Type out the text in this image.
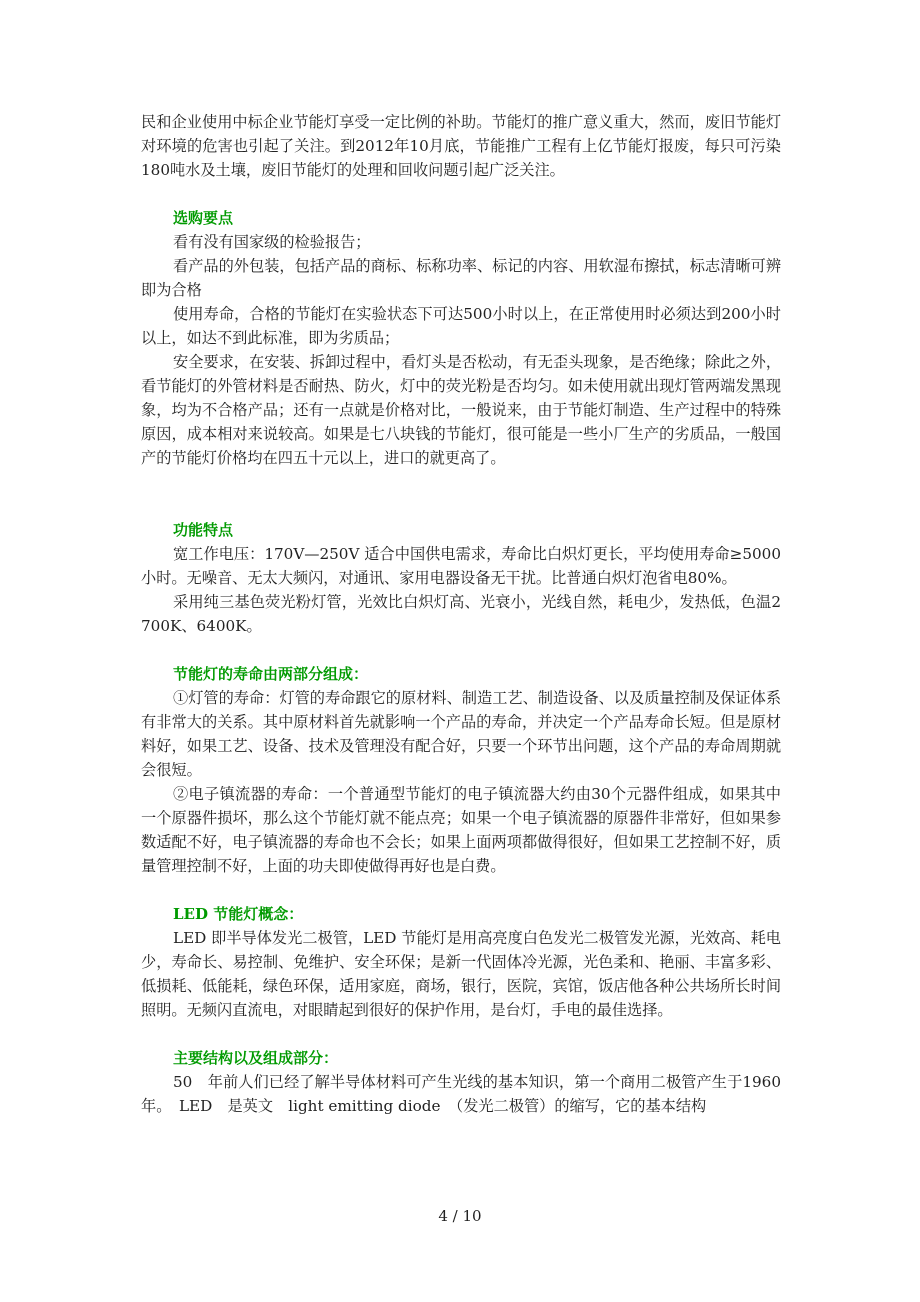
民和企业使用中标企业节能灯享受一定比例的补助。节能灯的推广意义重大，然而，废旧节能灯对环境的危害也引起了关注。到2012年10月底，节能推广工程有上亿节能灯报废，每只可污染180吨水及土壤，废旧节能灯的处理和回收问题引起广泛关注。

选购要点

看有没有国家级的检验报告；

看产品的外包装，包括产品的商标、标称功率、标记的内容、用软湿布擦拭，标志清晰可辨即为合格

使用寿命，合格的节能灯在实验状态下可达500小时以上，在正常使用时必须达到200小时以上，如达不到此标准，即为劣质品；

安全要求，在安装、拆卸过程中，看灯头是否松动，有无歪头现象，是否绝缘；除此之外，看节能灯的外管材料是否耐热、防火，灯中的荧光粉是否均匀。如未使用就出现灯管两端发黑现象，均为不合格产品；还有一点就是价格对比，一般说来，由于节能灯制造、生产过程中的特殊原因，成本相对来说较高。如果是七八块钱的节能灯，很可能是一些小厂生产的劣质品，一般国产的节能灯价格均在四五十元以上，进口的就更高了。

功能特点

宽工作电压：170V—250V 适合中国供电需求，寿命比白炽灯更长，平均使用寿命≥5000小时。无噪音、无太大频闪，对通讯、家用电器设备无干扰。比普通白炽灯泡省电80%。

采用纯三基色荧光粉灯管，光效比白炽灯高、光衰小，光线自然，耗电少，发热低，色温2700K、6400K。

节能灯的寿命由两部分组成：

①灯管的寿命：灯管的寿命跟它的原材料、制造工艺、制造设备、以及质量控制及保证体系有非常大的关系。其中原材料首先就影响一个产品的寿命，并决定一个产品寿命长短。但是原材料好，如果工艺、设备、技术及管理没有配合好，只要一个环节出问题，这个产品的寿命周期就会很短。

②电子镇流器的寿命：一个普通型节能灯的电子镇流器大约由30个元器件组成，如果其中一个原器件损坏，那么这个节能灯就不能点亮；如果一个电子镇流器的原器件非常好，但如果参数适配不好，电子镇流器的寿命也不会长；如果上面两项都做得很好，但如果工艺控制不好，质量管理控制不好，上面的功夫即使做得再好也是白费。

LED 节能灯概念：

LED 即半导体发光二极管，LED 节能灯是用高亮度白色发光二极管发光源，光效高、耗电少，寿命长、易控制、免维护、安全环保；是新一代固体冷光源，光色柔和、艳丽、丰富多彩、低损耗、低能耗，绿色环保，适用家庭，商场，银行，医院，宾馆，饭店他各种公共场所长时间照明。无频闪直流电，对眼睛起到很好的保护作用，是台灯，手电的最佳选择。

主要结构以及组成部分：

50　年前人们已经了解半导体材料可产生光线的基本知识，第一个商用二极管产生于1960　年。　LED　是英文　light emitting diode　（发光二极管）的缩写，它的基本结构

4 / 10
